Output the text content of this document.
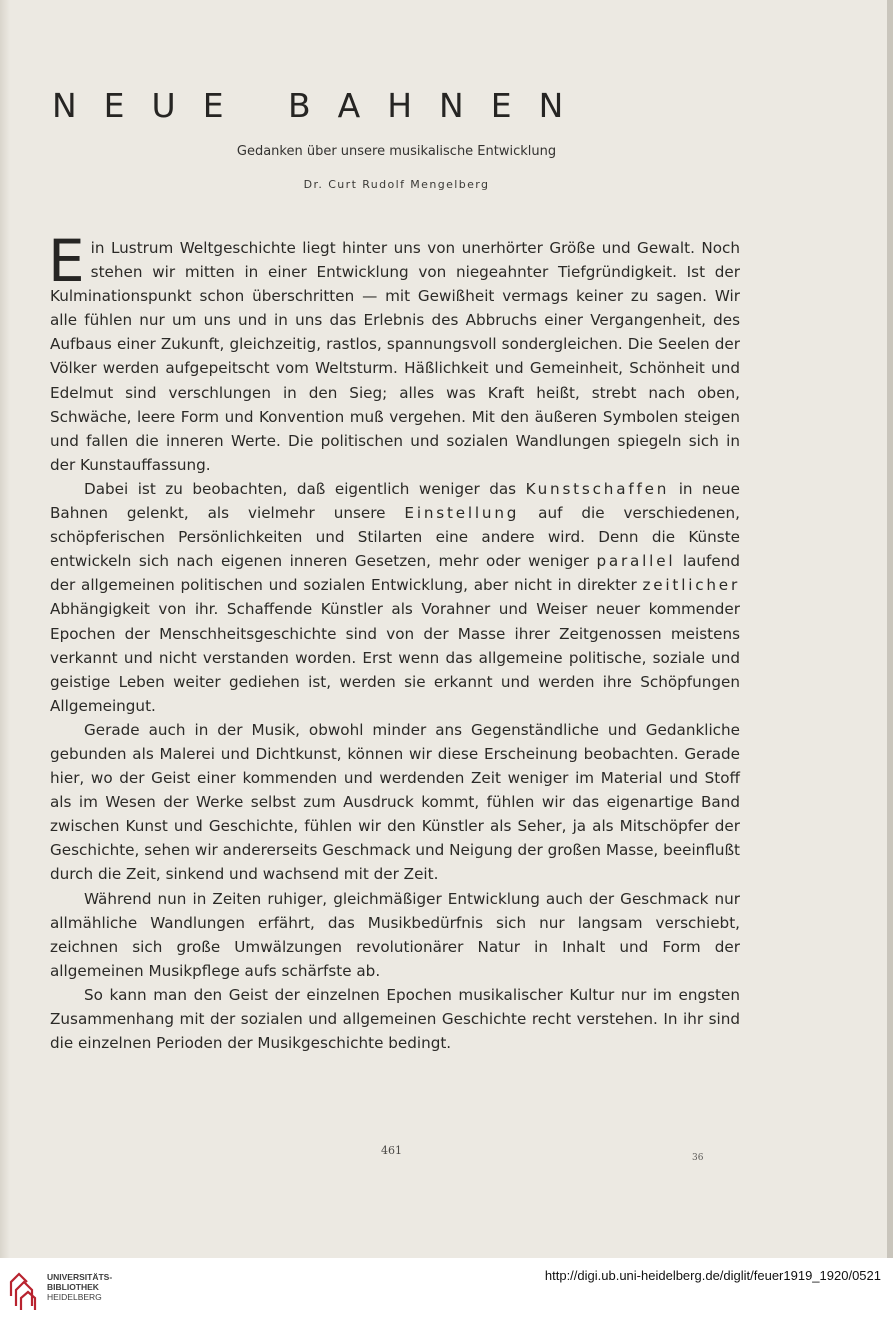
NEUE BAHNEN
Gedanken über unsere musikalische Entwicklung
Dr. Curt Rudolf Mengelberg

Ein Lustrum Weltgeschichte liegt hinter uns von unerhörter Größe und Gewalt. Noch stehen wir mitten in einer Entwicklung von niegeahnter Tiefgründigkeit. Ist der Kulminationspunkt schon überschritten — mit Gewißheit vermags keiner zu sagen. Wir alle fühlen nur um uns und in uns das Erlebnis des Abbruchs einer Vergangenheit, des Aufbaus einer Zukunft, gleichzeitig, rastlos, spannungsvoll sondergleichen. Die Seelen der Völker werden aufgepeitscht vom Weltsturm. Häßlichkeit und Gemeinheit, Schönheit und Edelmut sind verschlungen in den Sieg; alles was Kraft heißt, strebt nach oben, Schwäche, leere Form und Konvention muß vergehen. Mit den äußeren Symbolen steigen und fallen die inneren Werte. Die politischen und sozialen Wandlungen spiegeln sich in der Kunstauffassung.

Dabei ist zu beobachten, daß eigentlich weniger das Kunstschaffen in neue Bahnen gelenkt, als vielmehr unsere Einstellung auf die verschiedenen, schöpferischen Persönlichkeiten und Stilarten eine andere wird. Denn die Künste entwickeln sich nach eigenen inneren Gesetzen, mehr oder weniger parallel laufend der allgemeinen politischen und sozialen Entwicklung, aber nicht in direkter zeitlicher Abhängigkeit von ihr. Schaffende Künstler als Vorahner und Weiser neuer kommender Epochen der Menschheitsgeschichte sind von der Masse ihrer Zeitgenossen meistens verkannt und nicht verstanden worden. Erst wenn das allgemeine politische, soziale und geistige Leben weiter gediehen ist, werden sie erkannt und werden ihre Schöpfungen Allgemeingut.

Gerade auch in der Musik, obwohl minder ans Gegenständliche und Gedankliche gebunden als Malerei und Dichtkunst, können wir diese Erscheinung beobachten. Gerade hier, wo der Geist einer kommenden und werdenden Zeit weniger im Material und Stoff als im Wesen der Werke selbst zum Ausdruck kommt, fühlen wir das eigenartige Band zwischen Kunst und Geschichte, fühlen wir den Künstler als Seher, ja als Mitschöpfer der Geschichte, sehen wir andererseits Geschmack und Neigung der großen Masse, beeinflußt durch die Zeit, sinkend und wachsend mit der Zeit.

Während nun in Zeiten ruhiger, gleichmäßiger Entwicklung auch der Geschmack nur allmähliche Wandlungen erfährt, das Musikbedürfnis sich nur langsam verschiebt, zeichnen sich große Umwälzungen revolutionärer Natur in Inhalt und Form der allgemeinen Musikpflege aufs schärfste ab.

So kann man den Geist der einzelnen Epochen musikalischer Kultur nur im engsten Zusammenhang mit der sozialen und allgemeinen Geschichte recht verstehen. In ihr sind die einzelnen Perioden der Musikgeschichte bedingt.

461
36
UNIVERSITÄTS-
BIBLIOTHEK
HEIDELBERG
http://digi.ub.uni-heidelberg.de/diglit/feuer1919_1920/0521
